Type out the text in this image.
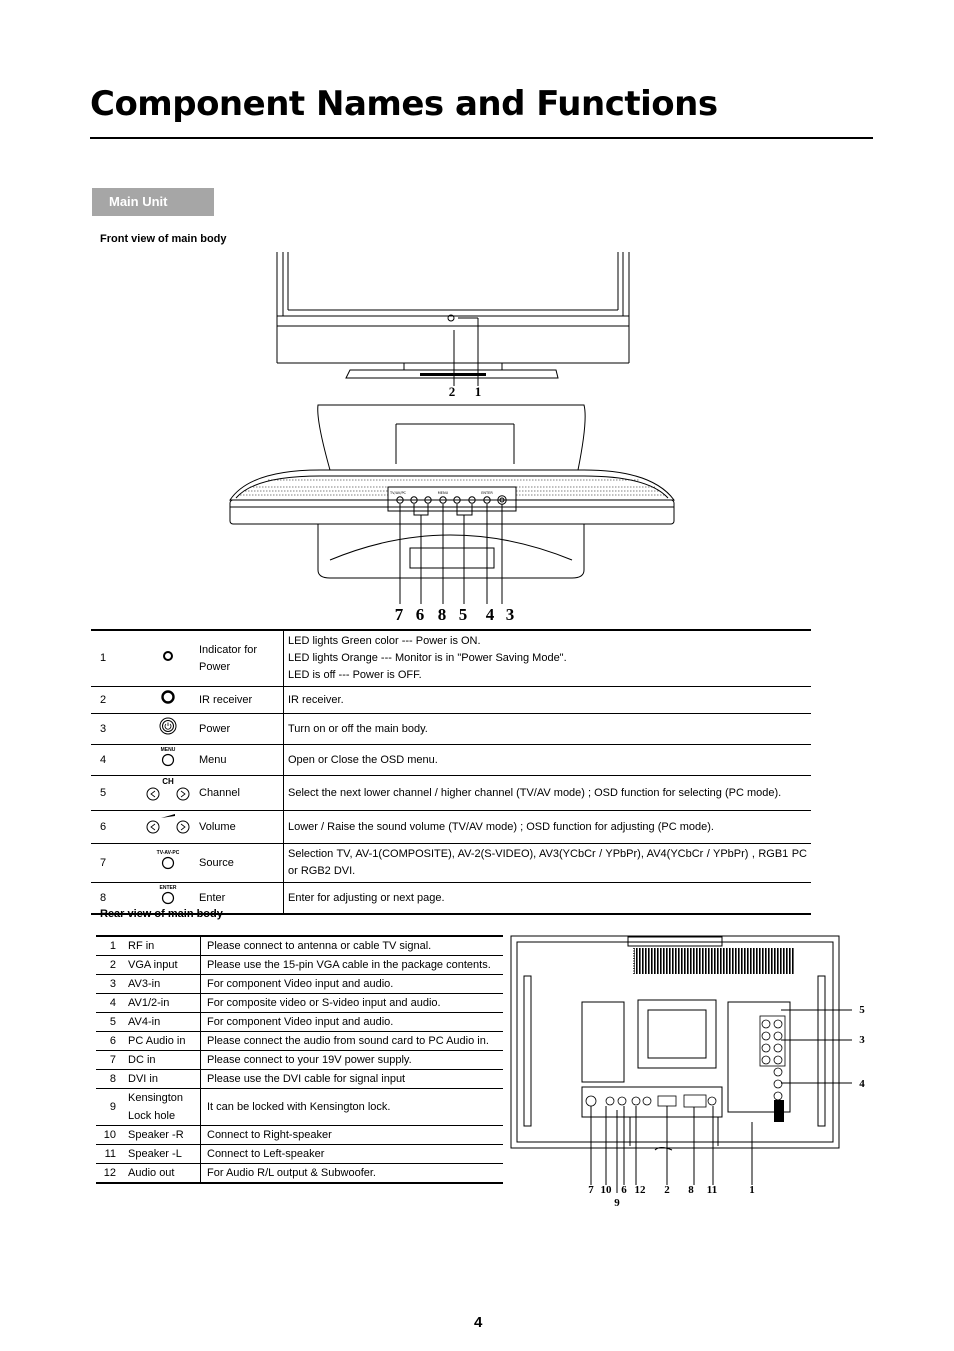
Component Names and Functions
Main Unit
Front view of main body
2 1
TV/AV/PC	MENU	ENTER
7 6 8 5 4 3
1		Indicator for Power	LED lights Green color --- Power is ON.
LED lights Orange --- Monitor is in "Power Saving Mode".
LED is off --- Power is OFF.

2		IR receiver	IR receiver.
3		Power	Turn on or off the main body.
4	MENU	Menu	Open or Close the OSD menu.
5	CH	Channel	Select the next lower channel / higher channel (TV/AV mode) ; OSD function for selecting (PC mode).
6		Volume	Lower / Raise the sound volume (TV/AV mode) ; OSD function for adjusting (PC mode).
7	TV-AV-PC	Source	Selection TV, AV-1(COMPOSITE), AV-2(S-VIDEO), AV3(YCbCr / YPbPr), AV4(YCbCr / YPbPr) , RGB1 PC or RGB2 DVI.
8	ENTER	Enter	Enter for adjusting or next page.
Rear view of main body
1	RF in	Please connect to antenna or cable TV signal.
2	VGA input	Please use the 15-pin VGA cable in the package contents.
3	AV3-in	For component Video input and audio.
4	AV1/2-in	For composite video or S-video input and audio.
5	AV4-in	For component Video input and audio.
6	PC Audio in	Please connect the audio from sound card to PC Audio in.
7	DC in	Please connect to your 19V power supply.
8	DVI in	Please use the DVI cable for signal input
9	Kensington Lock hole	It can be locked with Kensington lock.
10	Speaker -R	Connect to Right-speaker
11	Speaker -L	Connect to Left-speaker
12	Audio out	For Audio R/L output & Subwoofer.
5
3
4
7 10 6 12 2 8 11	1
9
4
